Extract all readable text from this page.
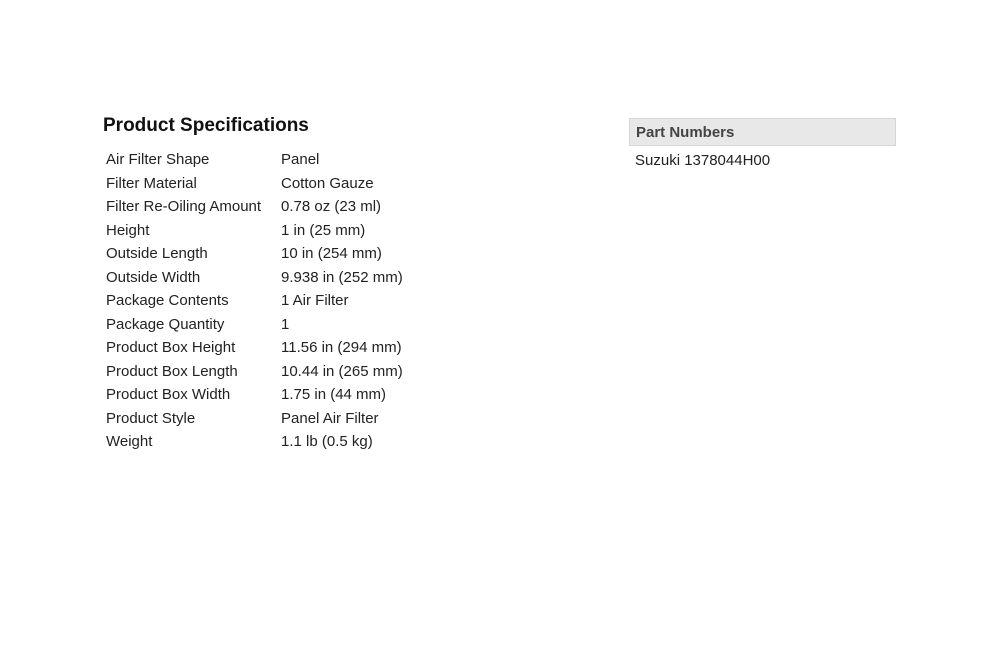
Product Specifications
Air Filter Shape	Panel
Filter Material	Cotton Gauze
Filter Re-Oiling Amount	0.78 oz (23 ml)
Height	1 in (25 mm)
Outside Length	10 in (254 mm)
Outside Width	9.938 in (252 mm)
Package Contents	1 Air Filter
Package Quantity	1
Product Box Height	11.56 in (294 mm)
Product Box Length	10.44 in (265 mm)
Product Box Width	1.75 in (44 mm)
Product Style	Panel Air Filter
Weight	1.1 lb (0.5 kg)
Part Numbers
Suzuki 1378044H00
